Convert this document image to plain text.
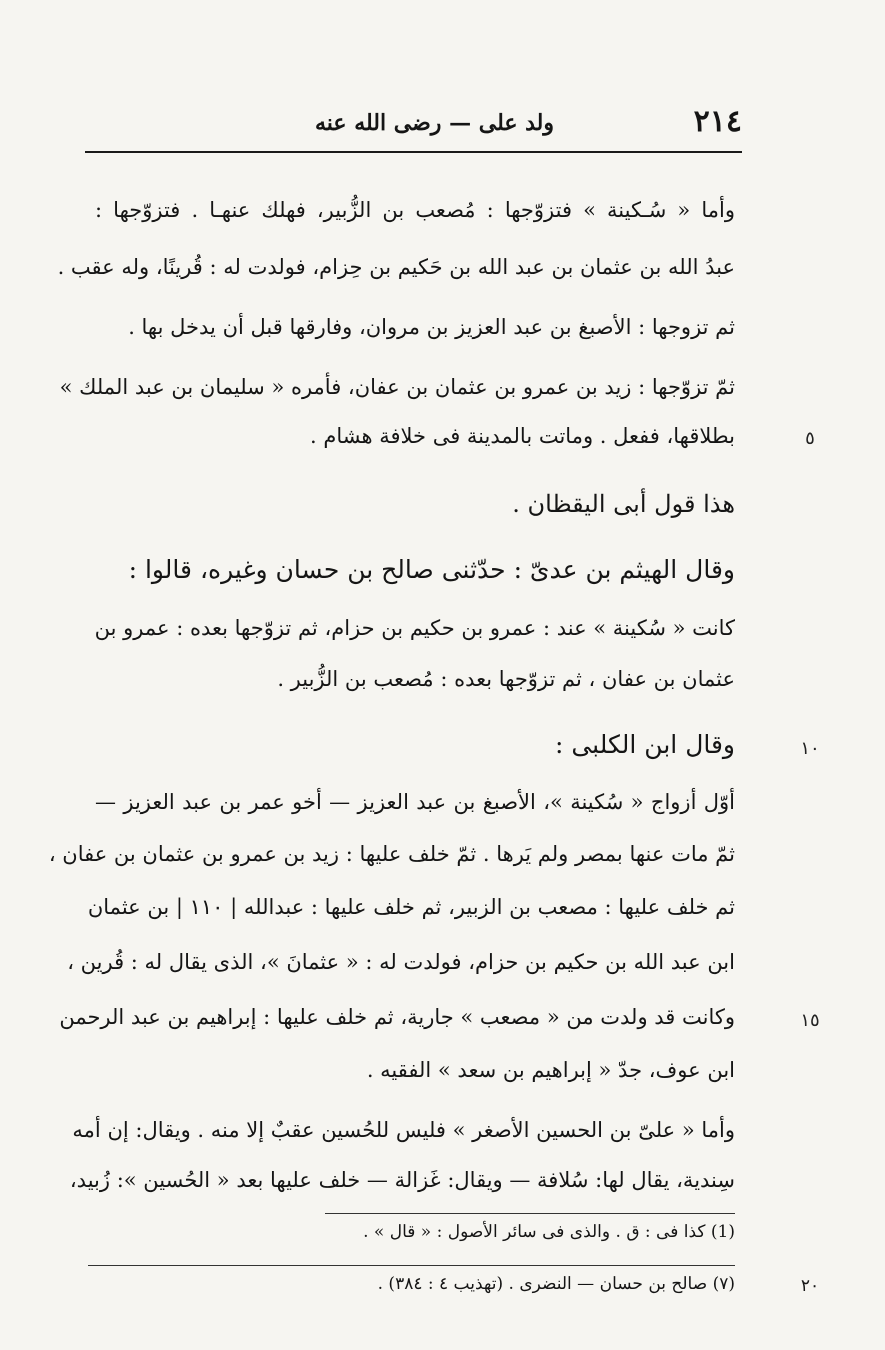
ولد على — رضى الله عنه	٢١٤
وأما « سُـكينة » فتزوّجها : مُصعب بن الزُّبير، فهلك عنهـا . فتزوّجها :
عبدُ الله بن عثمان بن عبد الله بن حَكيم بن حِزام، فولدت له : قُرينًا، وله عقب .
ثم تزوجها : الأصبغ بن عبد العزيز بن مروان، وفارقها قبل أن يدخل بها .
ثمّ تزوّجها : زيد بن عمرو بن عثمان بن عفان، فأمره « سليمان بن عبد الملك »
بطلاقها، ففعل . وماتت بالمدينة فى خلافة هشام .	٥
هذا قول أبى اليقظان .
وقال الهيثم بن عدىّ : حدّثنى صالح بن حسان وغيره، قالوا :
كانت « سُكينة » عند : عمرو بن حكيم بن حزام، ثم تزوّجها بعده : عمرو بن
عثمان بن عفان ، ثم تزوّجها بعده : مُصعب بن الزُّبير .
وقال ابن الكلبى :	١٠
أوّل أزواج « سُكينة »، الأصبغ بن عبد العزيز — أخو عمر بن عبد العزيز —
ثمّ مات عنها بمصر ولم يَرها . ثمّ خلف عليها : زيد بن عمرو بن عثمان بن عفان ،
ثم خلف عليها : مصعب بن الزبير، ثم خلف عليها : عبدالله | ١١٠ | بن عثمان
ابن عبد الله بن حكيم بن حزام، فولدت له : « عثمانَ »، الذى يقال له : قُرين ،
وكانت قد ولدت من « مصعب » جارية، ثم خلف عليها : إبراهيم بن عبد الرحمن	١٥
ابن عوف، جدّ « إبراهيم بن سعد » الفقيه .
وأما « علىّ بن الحسين الأصغر » فليس للحُسين عقبٌ إلا منه . ويقال: إن أمه
سِندية، يقال لها: سُلافة — ويقال: غَزالة — خلف عليها بعد « الحُسين »: زُبيد،
(1) كذا فى : ق . والذى فى سائر الأصول : « قال » .
(٧) صالح بن حسان — النضرى . (تهذيب ٤ : ٣٨٤) .	٢٠
